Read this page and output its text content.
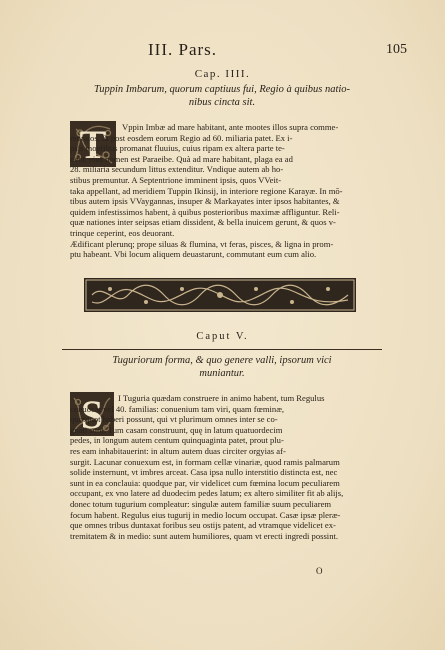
III. Pars.	105
Cap. IIII.
Tuppin Imbarum, quorum captiuus fui, Regio à quibus natio-
nibus cincta sit.
T	Vppin Imbæ ad mare habitant, ante mootes illos supra comme-
moratos, & post eosdem eorum Regio ad 60. miliaria patet. Ex i-
psis montibus promanat fluuius, cuius ripam ex altera parte te-
nent, eius nomen est Paraeibe. Quà ad mare habitant, plaga ea ad
28. miliaria secundum littus extenditur. Vndique autem ab ho-
stibus premuntur. A Septentrione imminent ipsis, quos VVeit-
taka appellant, ad meridiem Tuppin Ikinsij, in interiore regione Karayæ. In mō-
tibus autem ipsis VVaygannas, insuper & Markayates inter ipsos habitantes, &
quidem infestissimos habent, à quibus posterioribus maximæ affliguntur. Reli-
quæ nationes inter seipsas etiam dissident, & bella inuicem gerunt, & quos v-
trinque ceperint, eos deuorant.
Ædificant plerunq; prope siluas & flumina, vt feras, pisces, & ligna in prom-
ptu habeant. Vbi locum aliquem deuastarunt, commutant eum cum alio.
Caput V.
Tuguriorum forma, & quo genere valli, ipsorum vici
muniantur.
S	I Tuguria quædam construere in animo habent, tum Regulus
conuocat vel 40. familias: conuenium tam viri, quam fœminæ,
quotquot haberi possunt, qui vt plurimum omnes inter se co-
gnati sunt. Tum casam construunt, quę in latum quatuordecim
pedes, in longum autem centum quinquaginta patet, prout plu-
res eam inhabitauerint: in altum autem duas circiter orgyias af-
surgit. Lacunar conuexum est, in formam cellæ vinariæ, quod ramis palmarum
solide insternunt, vt imbres arceat. Casa ipsa nullo interstitio distincta est, nec
sunt in ea conclauia: quodque par, vir videlicet cum fœmina locum peculiarem
occupant, ex vno latere ad duodecim pedes latum; ex altero similiter fit ab alijs,
donec totum tugurium compleatur: singulæ autem familiæ suum peculiarem
focum habent. Regulus eius tugurij in medio locum occupat. Casæ ipsæ pleræ-
que omnes tribus duntaxat foribus seu ostijs patent, ad vtramque videlicet ex-
tremitatem & in medio: sunt autem humiliores, quam vt erecti ingredi possint.
O
